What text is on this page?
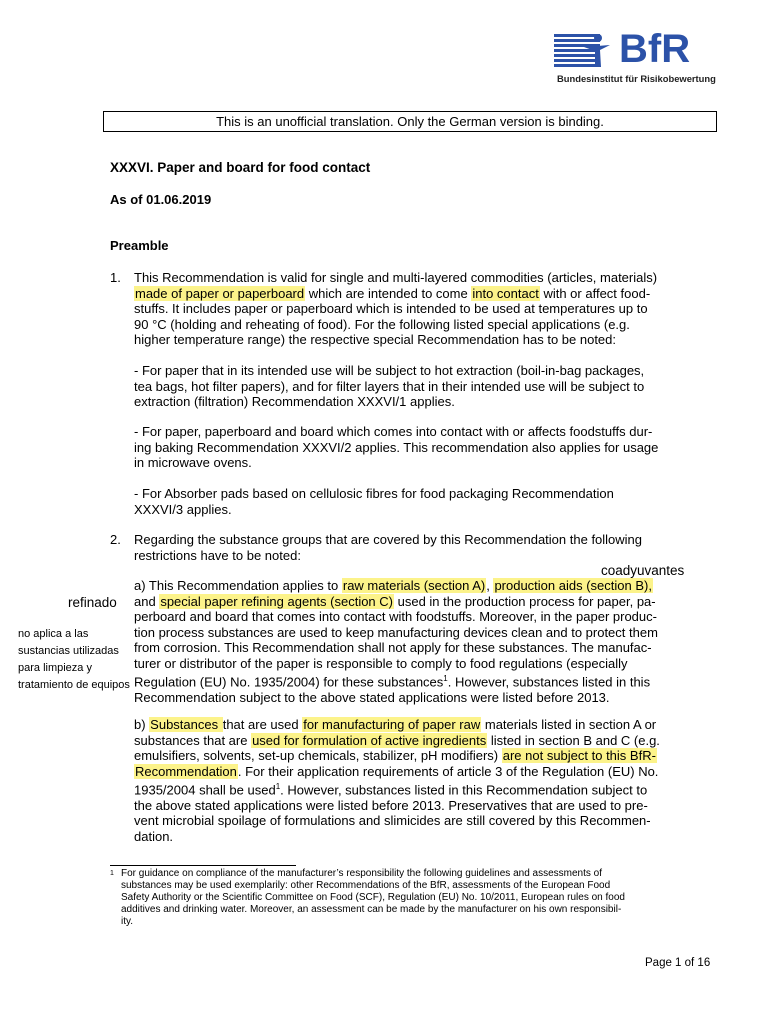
BfR
Bundesinstitut für Risikobewertung
This is an unofficial translation. Only the German version is binding.
XXXVI. Paper and board for food contact
As of 01.06.2019
Preamble
1. This Recommendation is valid for single and multi-layered commodities (articles, materials)
made of paper or paperboard which are intended to come into contact with or affect food-
stuffs. It includes paper or paperboard which is intended to be used at temperatures up to
90 °C (holding and reheating of food). For the following listed special applications (e.g.
higher temperature range) the respective special Recommendation has to be noted:
- For paper that in its intended use will be subject to hot extraction (boil-in-bag packages,
tea bags, hot filter papers), and for filter layers that in their intended use will be subject to
extraction (filtration) Recommendation XXXVI/1 applies.
- For paper, paperboard and board which comes into contact with or affects foodstuffs dur-
ing baking Recommendation XXXVI/2 applies. This recommendation also applies for usage
in microwave ovens.
- For Absorber pads based on cellulosic fibres for food packaging Recommendation
XXXVI/3 applies.
2. Regarding the substance groups that are covered by this Recommendation the following
restrictions have to be noted:
coadyuvantes
refinado
no aplica a las
sustancias utilizadas
para limpieza y
tratamiento de equipos
a) This Recommendation applies to raw materials (section A), production aids (section B),
and special paper refining agents (section C) used in the production process for paper, pa-
perboard and board that comes into contact with foodstuffs. Moreover, in the paper produc-
tion process substances are used to keep manufacturing devices clean and to protect them
from corrosion. This Recommendation shall not apply for these substances. The manufac-
turer or distributor of the paper is responsible to comply to food regulations (especially
Regulation (EU) No. 1935/2004) for these substances$^1$. However, substances listed in this
Recommendation subject to the above stated applications were listed before 2013.
b) Substances that are used for manufacturing of paper raw materials listed in section A or
substances that are used for formulation of active ingredients listed in section B and C (e.g.
emulsifiers, solvents, set-up chemicals, stabilizer, pH modifiers) are not subject to this BfR-
Recommendation. For their application requirements of article 3 of the Regulation (EU) No.
1935/2004 shall be used$^1$. However, substances listed in this Recommendation subject to
the above stated applications were listed before 2013. Preservatives that are used to pre-
vent microbial spoilage of formulations and slimicides are still covered by this Recommen-
dation.
1 For guidance on compliance of the manufacturer’s responsibility the following guidelines and assessments of
substances may be used exemplarily: other Recommendations of the BfR, assessments of the European Food
Safety Authority or the Scientific Committee on Food (SCF), Regulation (EU) No. 10/2011, European rules on food
additives and drinking water. Moreover, an assessment can be made by the manufacturer on his own responsibil-
ity.
Page 1 of 16
